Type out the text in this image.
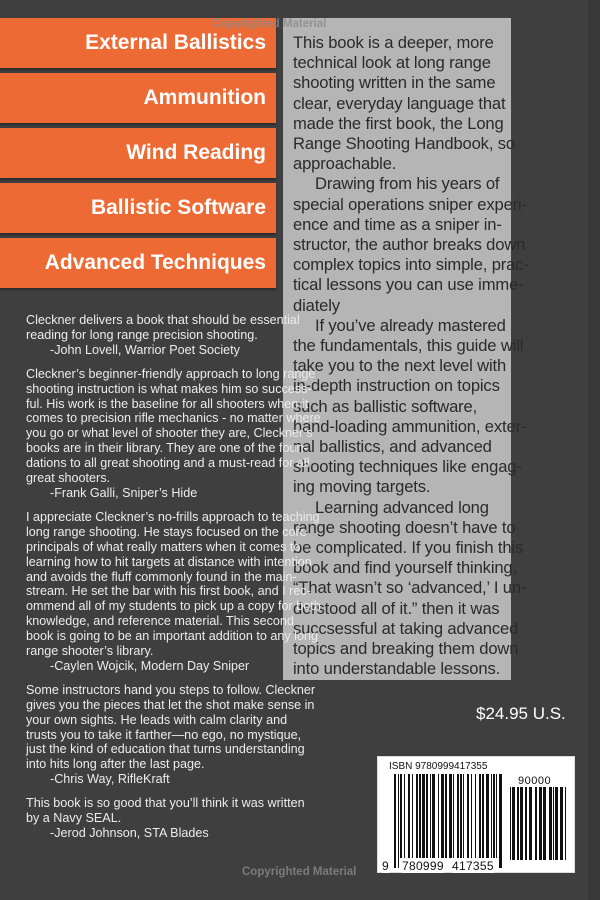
External Ballistics
Ammunition
Wind Reading
Ballistic Software
Advanced Techniques
This book is a deeper, more
technical look at long range
shooting written in the same
clear, everyday language that
made the first book, the Long
Range Shooting Handbook, so
approachable.
Drawing from his years of
special operations sniper experi-
ence and time as a sniper in-
structor, the author breaks down
complex topics into simple, prac-
tical lessons you can use imme-
diately
If you’ve already mastered
the fundamentals, this guide will
take you to the next level with
in-depth instruction on topics
such as ballistic software,
hand-loading ammunition, exter-
nal ballistics, and advanced
shooting techniques like engag-
ing moving targets.
Learning advanced long
range shooting doesn’t have to
be complicated. If you finish this
book and find yourself thinking,
“That wasn’t so ‘advanced,’ I un-
derstood all of it.” then it was
succsessful at taking advanced
topics and breaking them down
into understandable lessons.
Cleckner delivers a book that should be essential
reading for long range precision shooting.
-John Lovell, Warrior Poet Society
Cleckner’s beginner-friendly approach to long range
shooting instruction is what makes him so success-
ful. His work is the baseline for all shooters when it
comes to precision rifle mechanics - no matter where
you go or what level of shooter they are, Cleckner’s
books are in their library. They are one of the foun-
dations to all great shooting and a must-read for all
great shooters.
-Frank Galli, Sniper’s Hide
I appreciate Cleckner’s no-frills approach to teaching
long range shooting. He stays focused on the core
principals of what really matters when it comes to
learning how to hit targets at distance with intention
and avoids the fluff commonly found in the main-
stream. He set the bar with his first book, and I rec-
ommend all of my students to pick up a copy for both
knowledge, and reference material. This second
book is going to be an important addition to any long
range shooter’s library.
-Caylen Wojcik, Modern Day Sniper
Some instructors hand you steps to follow. Cleckner
gives you the pieces that let the shot make sense in
your own sights. He leads with calm clarity and
trusts you to take it farther—no ego, no mystique,
just the kind of education that turns understanding
into hits long after the last page.
-Chris Way, RifleKraft
This book is so good that you’ll think it was written
by a Navy SEAL.
-Jerod Johnson, STA Blades
Copyrighted Material
Copyrighted Material
$24.95 U.S.
ISBN 9780999417355
90000
9 780999 417355
